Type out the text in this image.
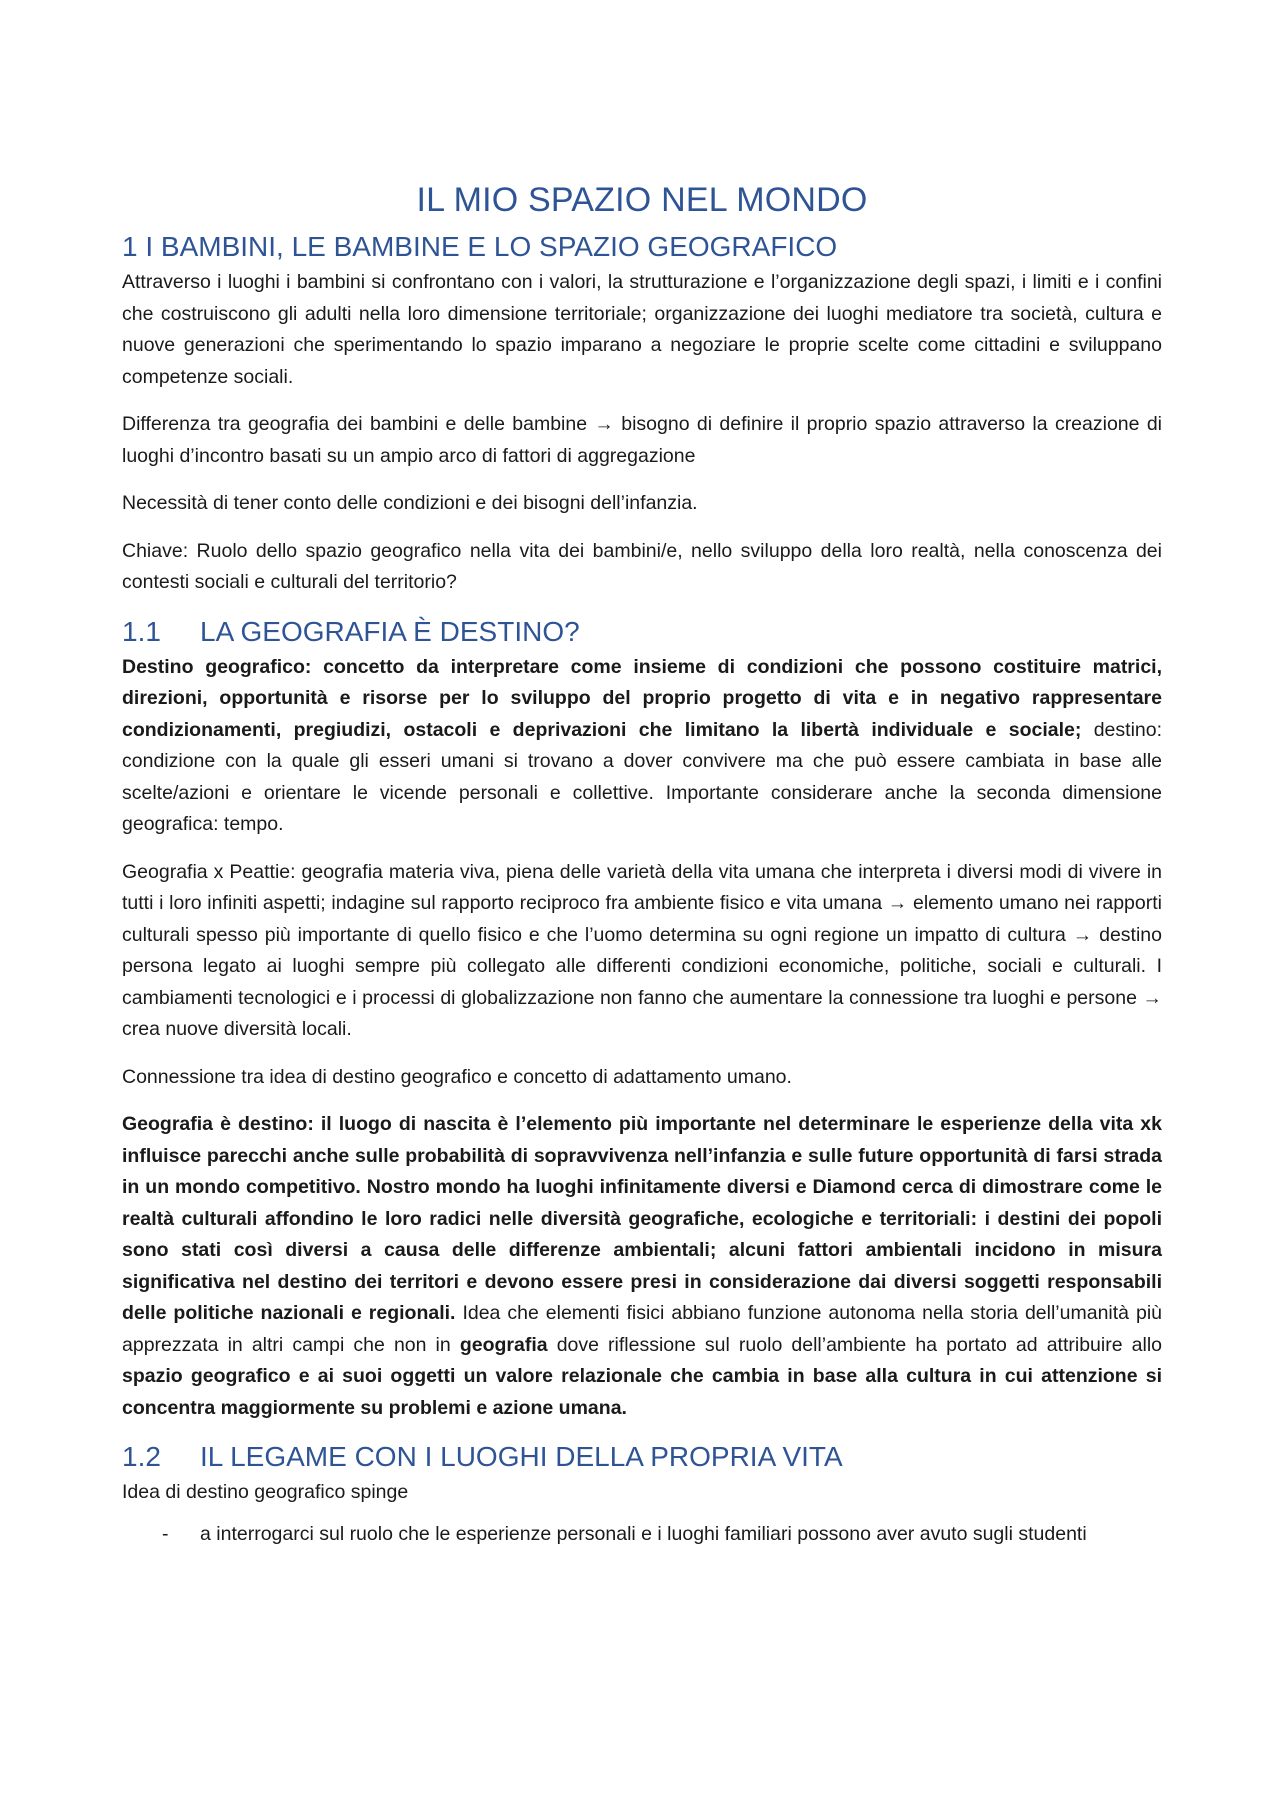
IL MIO SPAZIO NEL MONDO
1 I BAMBINI, LE BAMBINE E LO SPAZIO GEOGRAFICO

Attraverso i luoghi i bambini si confrontano con i valori, la strutturazione e l’organizzazione degli spazi, i limiti e i confini che costruiscono gli adulti nella loro dimensione territoriale; organizzazione dei luoghi mediatore tra società, cultura e nuove generazioni che sperimentando lo spazio imparano a negoziare le proprie scelte come cittadini e sviluppano competenze sociali.

Differenza tra geografia dei bambini e delle bambine → bisogno di definire il proprio spazio attraverso la creazione di luoghi d’incontro basati su un ampio arco di fattori di aggregazione

Necessità di tener conto delle condizioni e dei bisogni dell’infanzia.

Chiave: Ruolo dello spazio geografico nella vita dei bambini/e, nello sviluppo della loro realtà, nella conoscenza dei contesti sociali e culturali del territorio?

1.1	LA GEOGRAFIA È DESTINO?

Destino geografico: concetto da interpretare come insieme di condizioni che possono costituire matrici, direzioni, opportunità e risorse per lo sviluppo del proprio progetto di vita e in negativo rappresentare condizionamenti, pregiudizi, ostacoli e deprivazioni che limitano la libertà individuale e sociale; destino: condizione con la quale gli esseri umani si trovano a dover convivere ma che può essere cambiata in base alle scelte/azioni e orientare le vicende personali e collettive. Importante considerare anche la seconda dimensione geografica: tempo.

Geografia x Peattie: geografia materia viva, piena delle varietà della vita umana che interpreta i diversi modi di vivere in tutti i loro infiniti aspetti; indagine sul rapporto reciproco fra ambiente fisico e vita umana → elemento umano nei rapporti culturali spesso più importante di quello fisico e che l’uomo determina su ogni regione un impatto di cultura → destino persona legato ai luoghi sempre più collegato alle differenti condizioni economiche, politiche, sociali e culturali. I cambiamenti tecnologici e i processi di globalizzazione non fanno che aumentare la connessione tra luoghi e persone → crea nuove diversità locali.

Connessione tra idea di destino geografico e concetto di adattamento umano.

Geografia è destino: il luogo di nascita è l’elemento più importante nel determinare le esperienze della vita xk influisce parecchi anche sulle probabilità di sopravvivenza nell’infanzia e sulle future opportunità di farsi strada in un mondo competitivo. Nostro mondo ha luoghi infinitamente diversi e Diamond cerca di dimostrare come le realtà culturali affondino le loro radici nelle diversità geografiche, ecologiche e territoriali: i destini dei popoli sono stati così diversi a causa delle differenze ambientali; alcuni fattori ambientali incidono in misura significativa nel destino dei territori e devono essere presi in considerazione dai diversi soggetti responsabili delle politiche nazionali e regionali. Idea che elementi fisici abbiano funzione autonoma nella storia dell’umanità più apprezzata in altri campi che non in geografia dove riflessione sul ruolo dell’ambiente ha portato ad attribuire allo spazio geografico e ai suoi oggetti un valore relazionale che cambia in base alla cultura in cui attenzione si concentra maggiormente su problemi e azione umana.

1.2	IL LEGAME CON I LUOGHI DELLA PROPRIA VITA

Idea di destino geografico spinge

- a interrogarci sul ruolo che le esperienze personali e i luoghi familiari possono aver avuto sugli studenti
